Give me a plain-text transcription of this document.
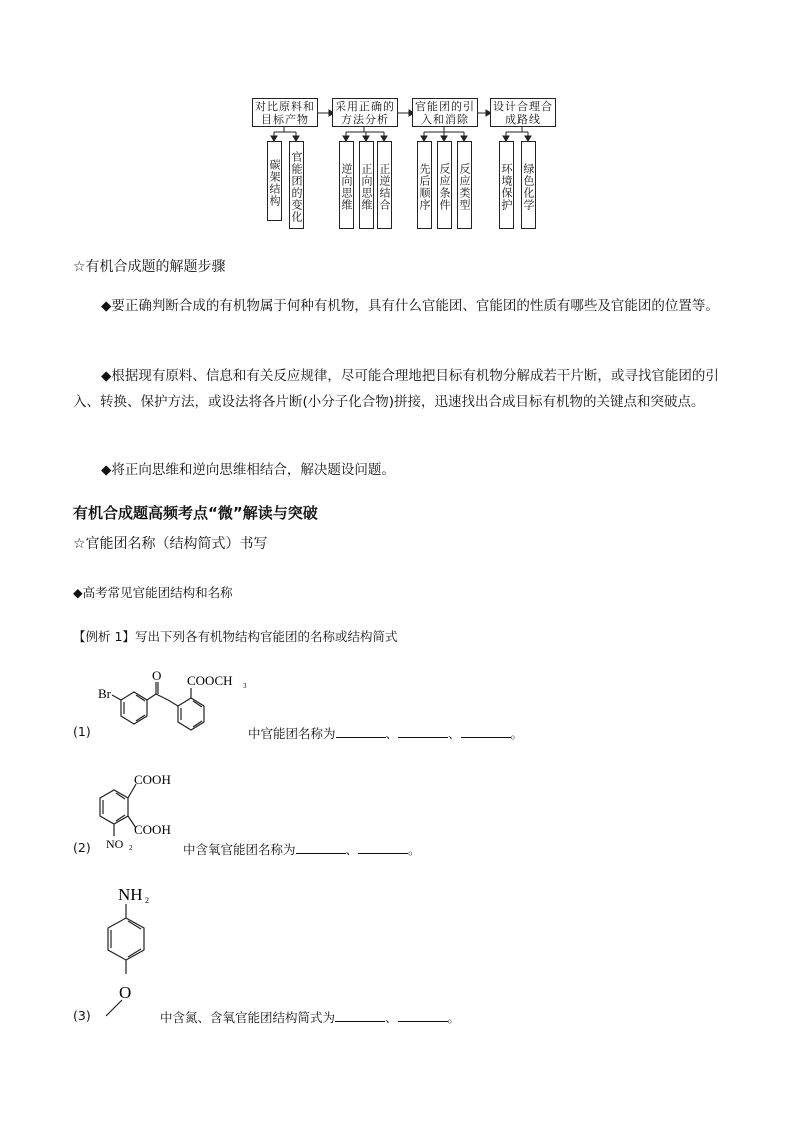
对比原料和目标产物
采用正确的方法分析
官能团的引入和消除
设计合理合成路线
碳架结构 官能团的变化	逆向思维 正向思维 正逆结合 先后顺序 反应条件 反应类型	环境保护 绿色化学
☆有机合成题的解题步骤
◆要正确判断合成的有机物属于何种有机物，具有什么官能团、官能团的性质有哪些及官能团的位置等。
◆根据现有原料、信息和有关反应规律，尽可能合理地把目标有机物分解成若干片断，或寻找官能团的引入、转换、保护方法，或设法将各片断(小分子化合物)拼接，迅速找出合成目标有机物的关键点和突破点。
◆将正向思维和逆向思维相结合，解决题设问题。
有机合成题高频考点“微”解读与突破
☆官能团名称（结构简式）书写
◆高考常见官能团结构和名称
【例析 1】写出下列各有机物结构官能团的名称或结构简式
Br
O COOCH 3
(1)	中官能团名称为	、	、	。
COOH
COOH
NO 2
(2)	中含氧官能团名称为	、	。
NH 2
O
(3)	中含氮、含氧官能团结构简式为	、	。
